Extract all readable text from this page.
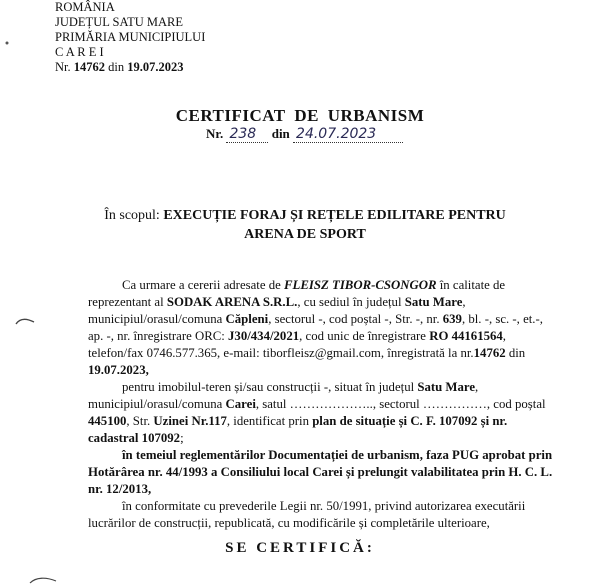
ROMÂNIA
JUDEȚUL SATU MARE
PRIMĂRIA MUNICIPIULUI
C A R E I
Nr. 14762 din 19.07.2023
CERTIFICAT DE URBANISM
Nr. 238 din 24.07.2023
În scopul: EXECUȚIE FORAJ ȘI REȚELE EDILITARE PENTRU ARENA DE SPORT

Ca urmare a cererii adresate de FLEISZ TIBOR-CSONGOR în calitate de reprezentant al SODAK ARENA S.R.L., cu sediul în județul Satu Mare, municipiul/orasul/comuna Căpleni, sectorul -, cod poștal -, Str. -, nr. 639, bl. -, sc. -, et.-, ap. -, nr. înregistrare ORC: J30/434/2021, cod unic de înregistrare RO 44161564, telefon/fax 0746.577.365, e-mail: tiborfleisz@gmail.com, înregistrată la nr.14762 din 19.07.2023,

pentru imobilul-teren și/sau construcții -, situat în județul Satu Mare, municipiul/orasul/comuna Carei, satul ……………….., sectorul ……………, cod poștal 445100, Str. Uzinei Nr.117, identificat prin plan de situație și C. F. 107092 și nr. cadastral 107092;

în temeiul reglementărilor Documentației de urbanism, faza PUG aprobat prin Hotărârea nr. 44/1993 a Consiliului local Carei și prelungit valabilitatea prin H. C. L. nr. 12/2013,

în conformitate cu prevederile Legii nr. 50/1991, privind autorizarea executării lucrărilor de construcții, republicată, cu modificările și completările ulterioare,

SE CERTIFICĂ:
